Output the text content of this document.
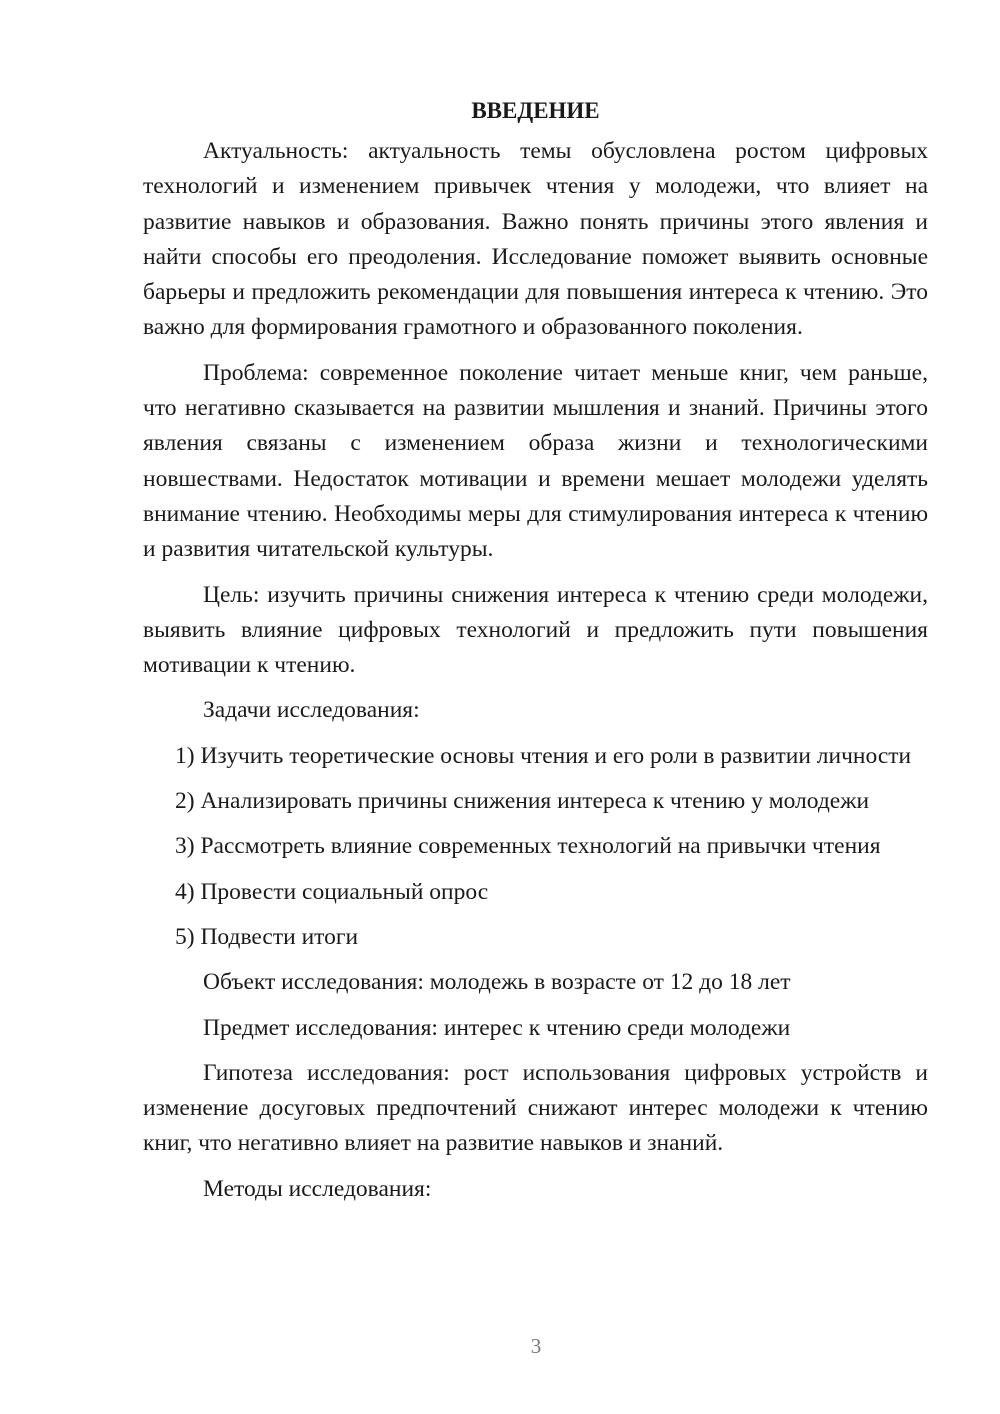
ВВЕДЕНИЕ

Актуальность: актуальность темы обусловлена ростом цифровых технологий и изменением привычек чтения у молодежи, что влияет на развитие навыков и образования. Важно понять причины этого явления и найти способы его преодоления. Исследование поможет выявить основные барьеры и предложить рекомендации для повышения интереса к чтению. Это важно для формирования грамотного и образованного поколения.

Проблема: современное поколение читает меньше книг, чем раньше, что негативно сказывается на развитии мышления и знаний. Причины этого явления связаны с изменением образа жизни и технологическими новшествами. Недостаток мотивации и времени мешает молодежи уделять внимание чтению. Необходимы меры для стимулирования интереса к чтению и развития читательской культуры.

Цель: изучить причины снижения интереса к чтению среди молодежи, выявить влияние цифровых технологий и предложить пути повышения мотивации к чтению.

Задачи исследования:

1) Изучить теоретические основы чтения и его роли в развитии личности

2) Анализировать причины снижения интереса к чтению у молодежи

3) Рассмотреть влияние современных технологий на привычки чтения

4) Провести социальный опрос

5) Подвести итоги

Объект исследования: молодежь в возрасте от 12 до 18 лет

Предмет исследования: интерес к чтению среди молодежи

Гипотеза исследования: рост использования цифровых устройств и изменение досуговых предпочтений снижают интерес молодежи к чтению книг, что негативно влияет на развитие навыков и знаний.

Методы исследования:

3
